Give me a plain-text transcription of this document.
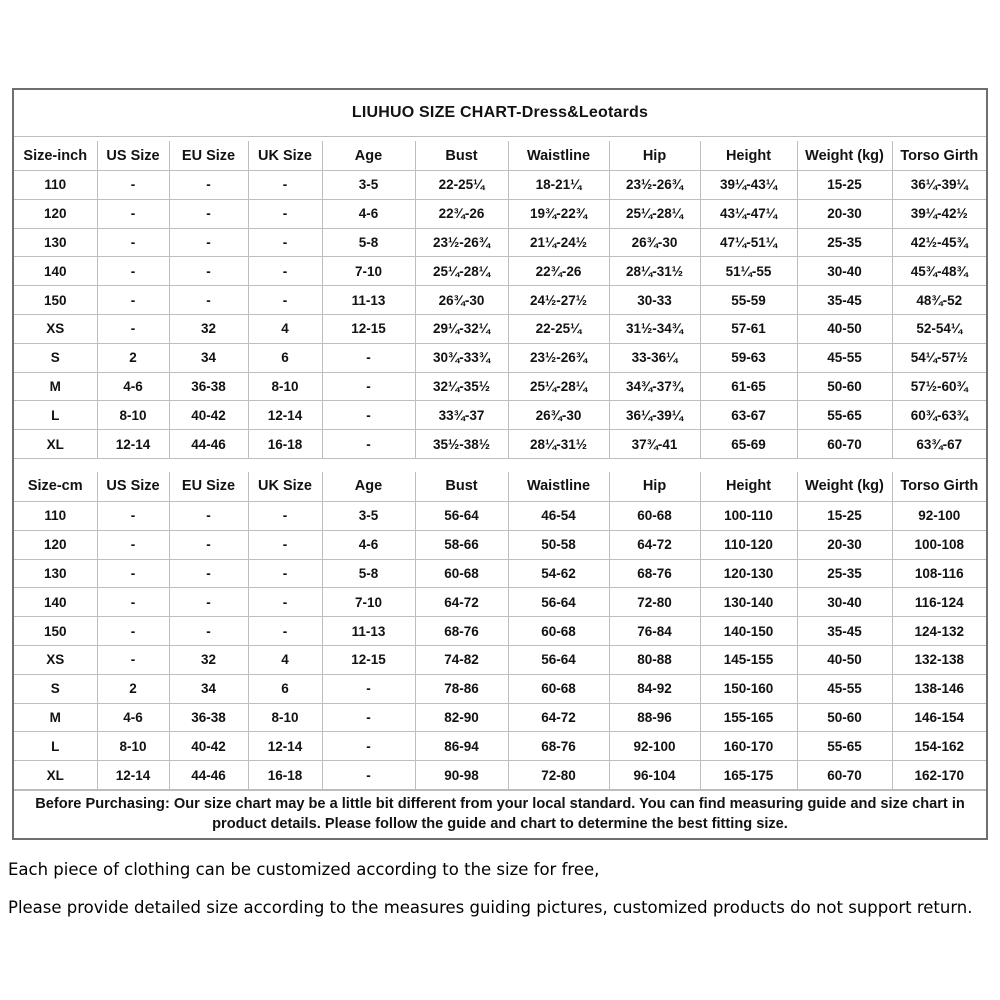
LIUHUO SIZE CHART-Dress&Leotards
Size-inch	US Size	EU Size	UK Size	Age	Bust	Waistline	Hip	Height	Weight (kg)	Torso Girth
110	-	-	-	3-5	22-25¼	18-21¼	23½-26¾	39¼-43¼	15-25	36¼-39¼
120	-	-	-	4-6	22¾-26	19¾-22¾	25¼-28¼	43¼-47¼	20-30	39¼-42½
130	-	-	-	5-8	23½-26¾	21¼-24½	26¾-30	47¼-51¼	25-35	42½-45¾
140	-	-	-	7-10	25¼-28¼	22¾-26	28¼-31½	51¼-55	30-40	45¾-48¾
150	-	-	-	11-13	26¾-30	24½-27½	30-33	55-59	35-45	48¾-52
XS	-	32	4	12-15	29¼-32¼	22-25¼	31½-34¾	57-61	40-50	52-54¼
S	2	34	6	-	30¾-33¾	23½-26¾	33-36¼	59-63	45-55	54¼-57½
M	4-6	36-38	8-10	-	32¼-35½	25¼-28¼	34¾-37¾	61-65	50-60	57½-60¾
L	8-10	40-42	12-14	-	33¾-37	26¾-30	36¼-39¼	63-67	55-65	60¾-63¾
XL	12-14	44-46	16-18	-	35½-38½	28¼-31½	37¾-41	65-69	60-70	63¾-67
Size-cm	US Size	EU Size	UK Size	Age	Bust	Waistline	Hip	Height	Weight (kg)	Torso Girth
110	-	-	-	3-5	56-64	46-54	60-68	100-110	15-25	92-100
120	-	-	-	4-6	58-66	50-58	64-72	110-120	20-30	100-108
130	-	-	-	5-8	60-68	54-62	68-76	120-130	25-35	108-116
140	-	-	-	7-10	64-72	56-64	72-80	130-140	30-40	116-124
150	-	-	-	11-13	68-76	60-68	76-84	140-150	35-45	124-132
XS	-	32	4	12-15	74-82	56-64	80-88	145-155	40-50	132-138
S	2	34	6	-	78-86	60-68	84-92	150-160	45-55	138-146
M	4-6	36-38	8-10	-	82-90	64-72	88-96	155-165	50-60	146-154
L	8-10	40-42	12-14	-	86-94	68-76	92-100	160-170	55-65	154-162
XL	12-14	44-46	16-18	-	90-98	72-80	96-104	165-175	60-70	162-170
Before Purchasing: Our size chart may be a little bit different from your local standard. You can find measuring guide and size chart in product details. Please follow the guide and chart to determine the best fitting size.
Each piece of clothing can be customized according to the size for free,
Please provide detailed size according to the measures guiding pictures, customized products do not support return.
